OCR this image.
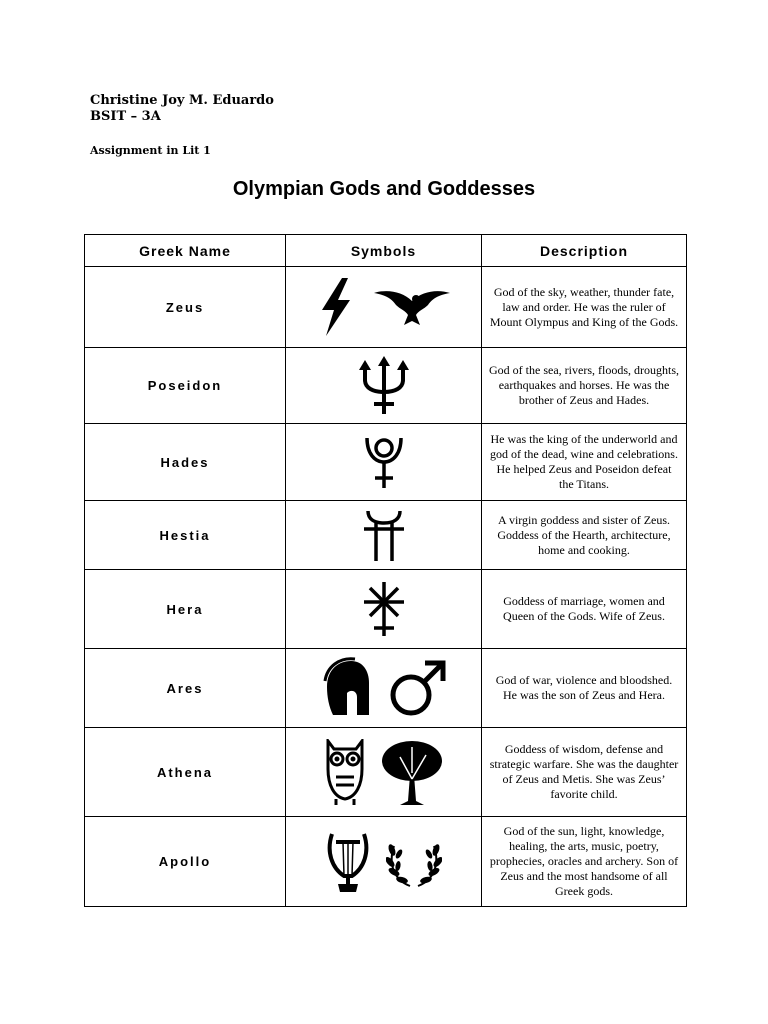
Christine Joy M. Eduardo
BSIT – 3A
Assignment in Lit 1
Olympian Gods and Goddesses
Greek Name	Symbols	Description
Zeus		God of the sky, weather, thunder fate, law and order. He was the ruler of Mount Olympus and King of the Gods.
Poseidon		God of the sea, rivers, floods, droughts, earthquakes and horses. He was the brother of Zeus and Hades.
Hades		He was the king of the underworld and god of the dead, wine and celebrations. He helped Zeus and Poseidon defeat the Titans.
Hestia		A virgin goddess and sister of Zeus. Goddess of the Hearth, architecture, home and cooking.
Hera		Goddess of marriage, women and Queen of the Gods. Wife of Zeus.
Ares		God of war, violence and bloodshed. He was the son of Zeus and Hera.
Athena		Goddess of wisdom, defense and strategic warfare. She was the daughter of Zeus and Metis. She was Zeus’ favorite child.
Apollo		God of the sun, light, knowledge, healing, the arts, music, poetry, prophecies, oracles and archery. Son of Zeus and the most handsome of all Greek gods.
